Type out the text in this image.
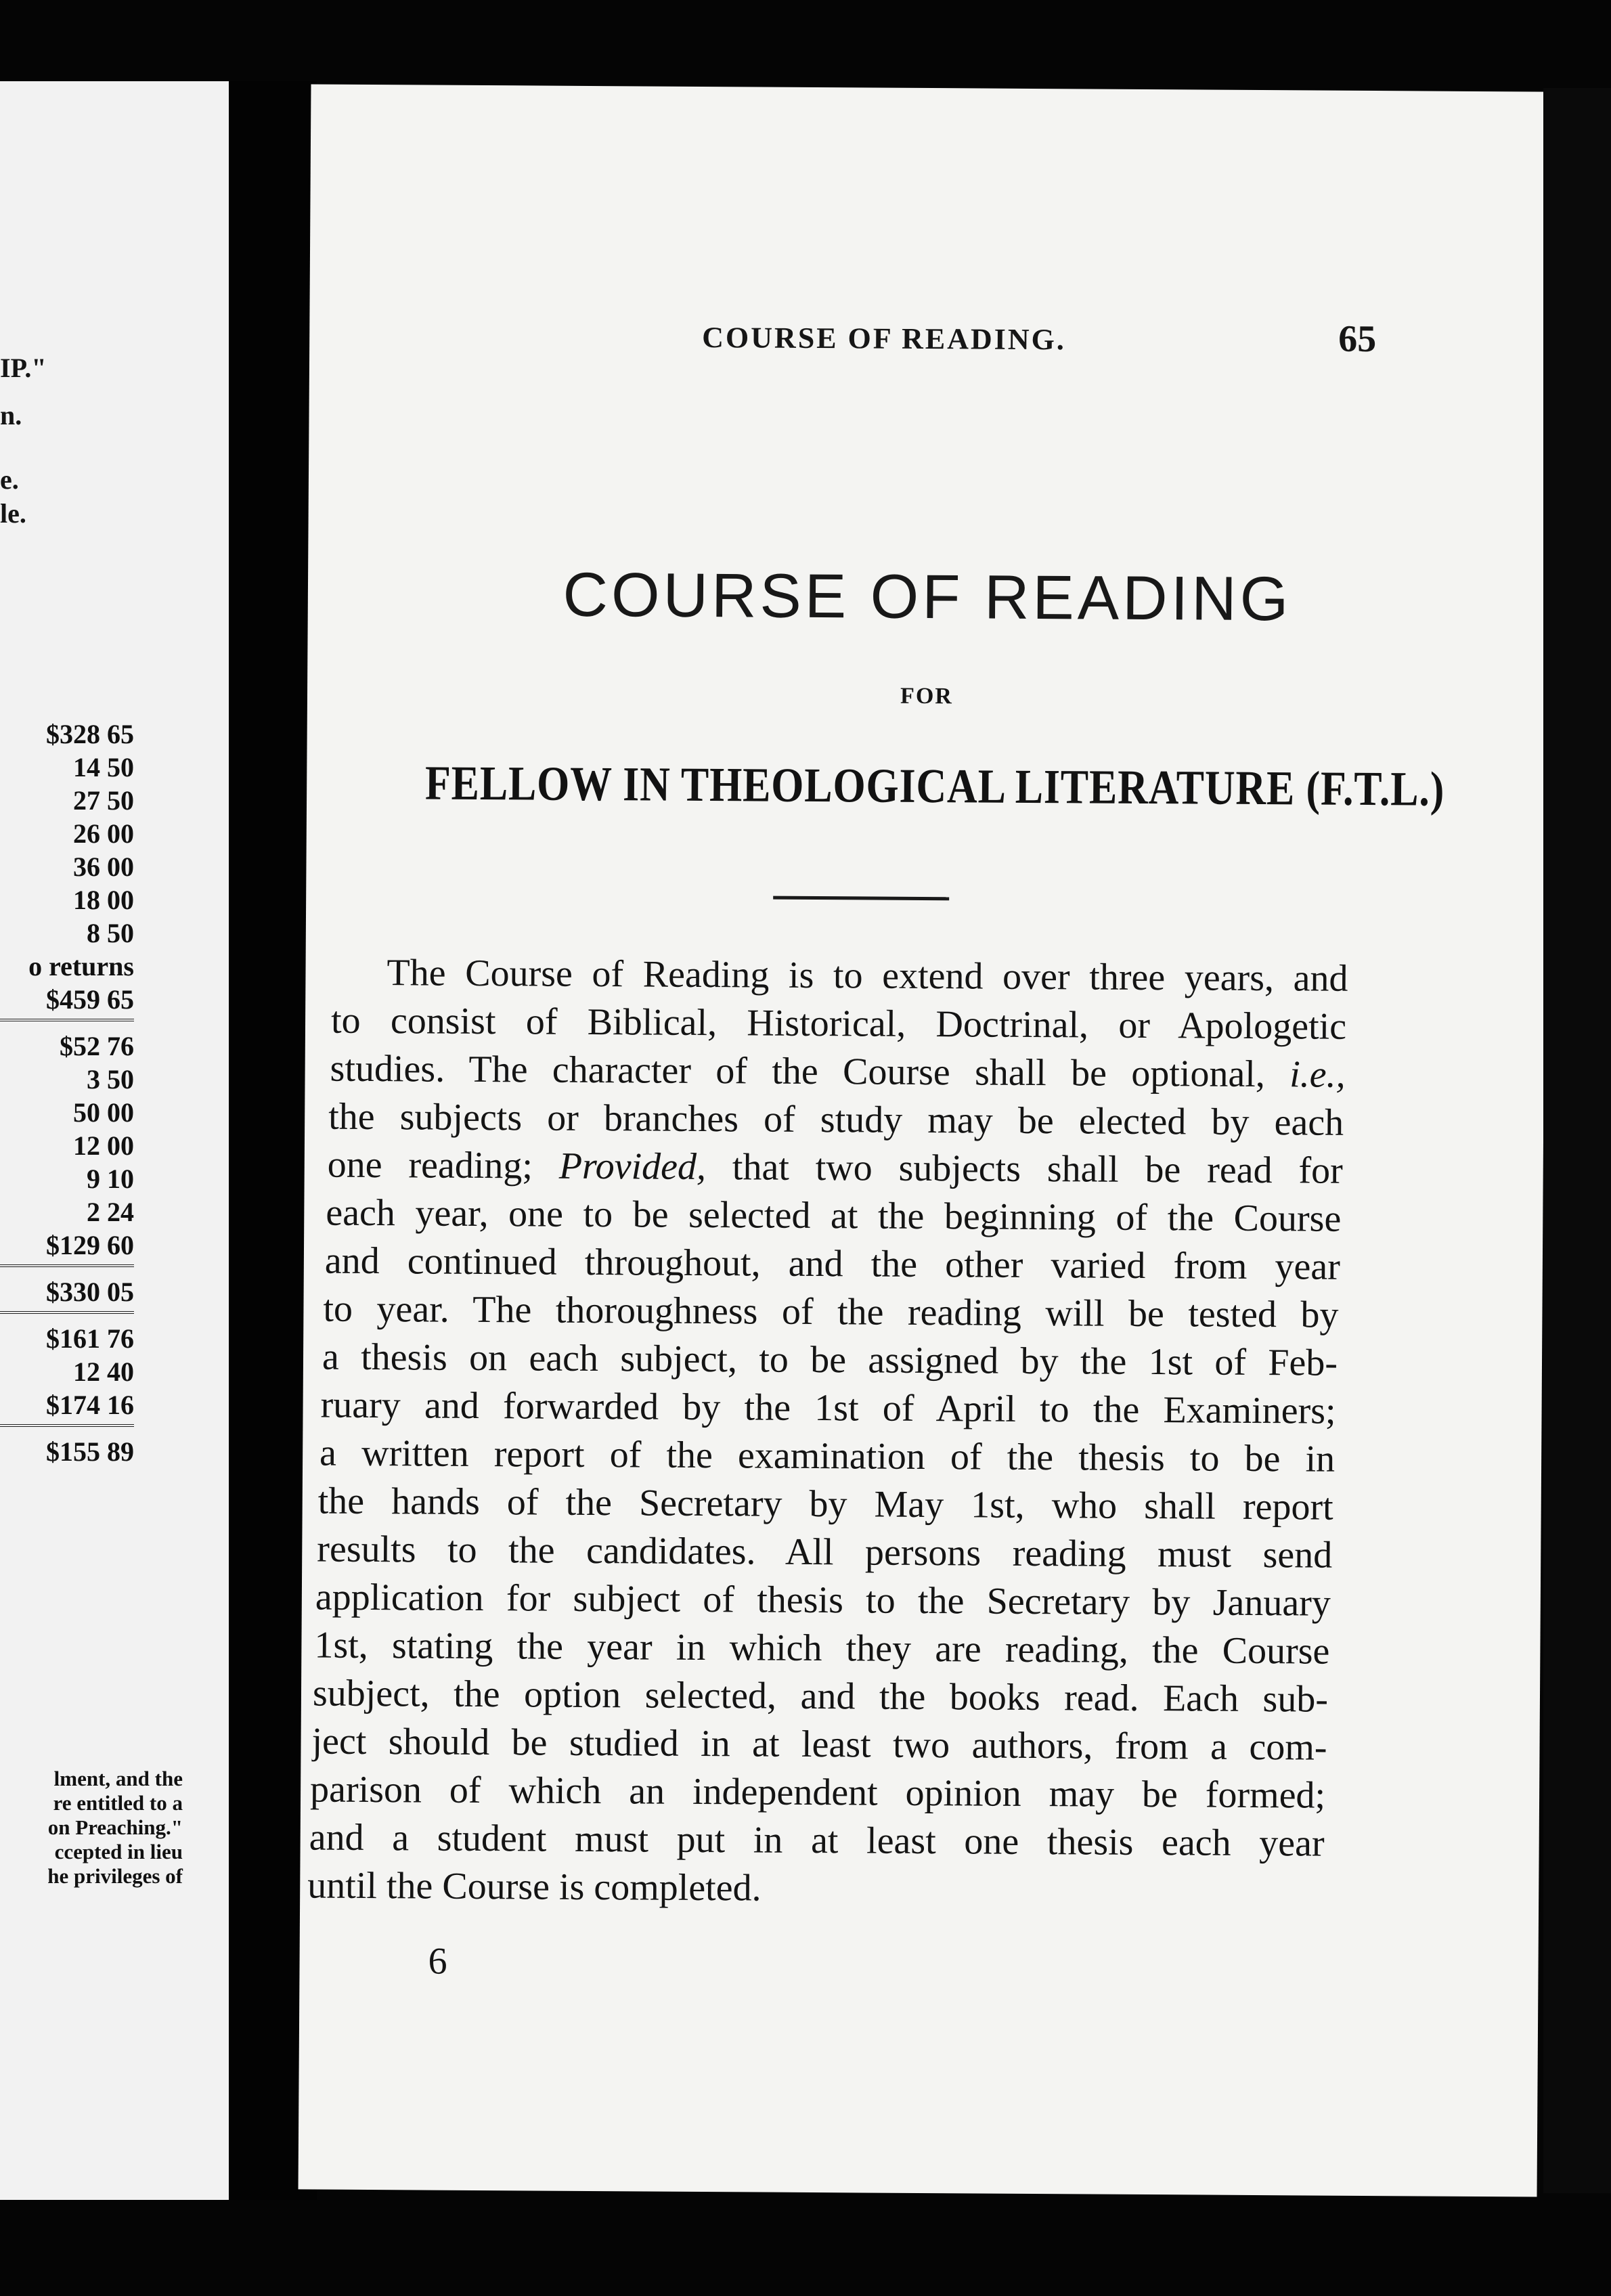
IP."

n.

e.

le.

$328 65
14 50
27 50
26 00
36 00
18 00
8 50
o returns
$459 65
$52 76
3 50
50 00
12 00
9 10
2 24
$129 60
$330 05
$161 76
12 40
$174 16
$155 89
lment, and the
re entitled to a
on Preaching."
ccepted in lieu
he privileges of
COURSE OF READING.	65
COURSE OF READING
FOR
FELLOW IN THEOLOGICAL LITERATURE (F.T.L.)
The Course of Reading is to extend over three years, and
to consist of Biblical, Historical, Doctrinal, or Apologetic
studies. The character of the Course shall be optional, i.e.,
the subjects or branches of study may be elected by each
one reading; Provided, that two subjects shall be read for
each year, one to be selected at the beginning of the Course
and continued throughout, and the other varied from year
to year. The thoroughness of the reading will be tested by
a thesis on each subject, to be assigned by the 1st of Feb-
ruary and forwarded by the 1st of April to the Examiners;
a written report of the examination of the thesis to be in
the hands of the Secretary by May 1st, who shall report
results to the candidates. All persons reading must send
application for subject of thesis to the Secretary by January
1st, stating the year in which they are reading, the Course
subject, the option selected, and the books read. Each sub-
ject should be studied in at least two authors, from a com-
parison of which an independent opinion may be formed;
and a student must put in at least one thesis each year
until the Course is completed.
6
